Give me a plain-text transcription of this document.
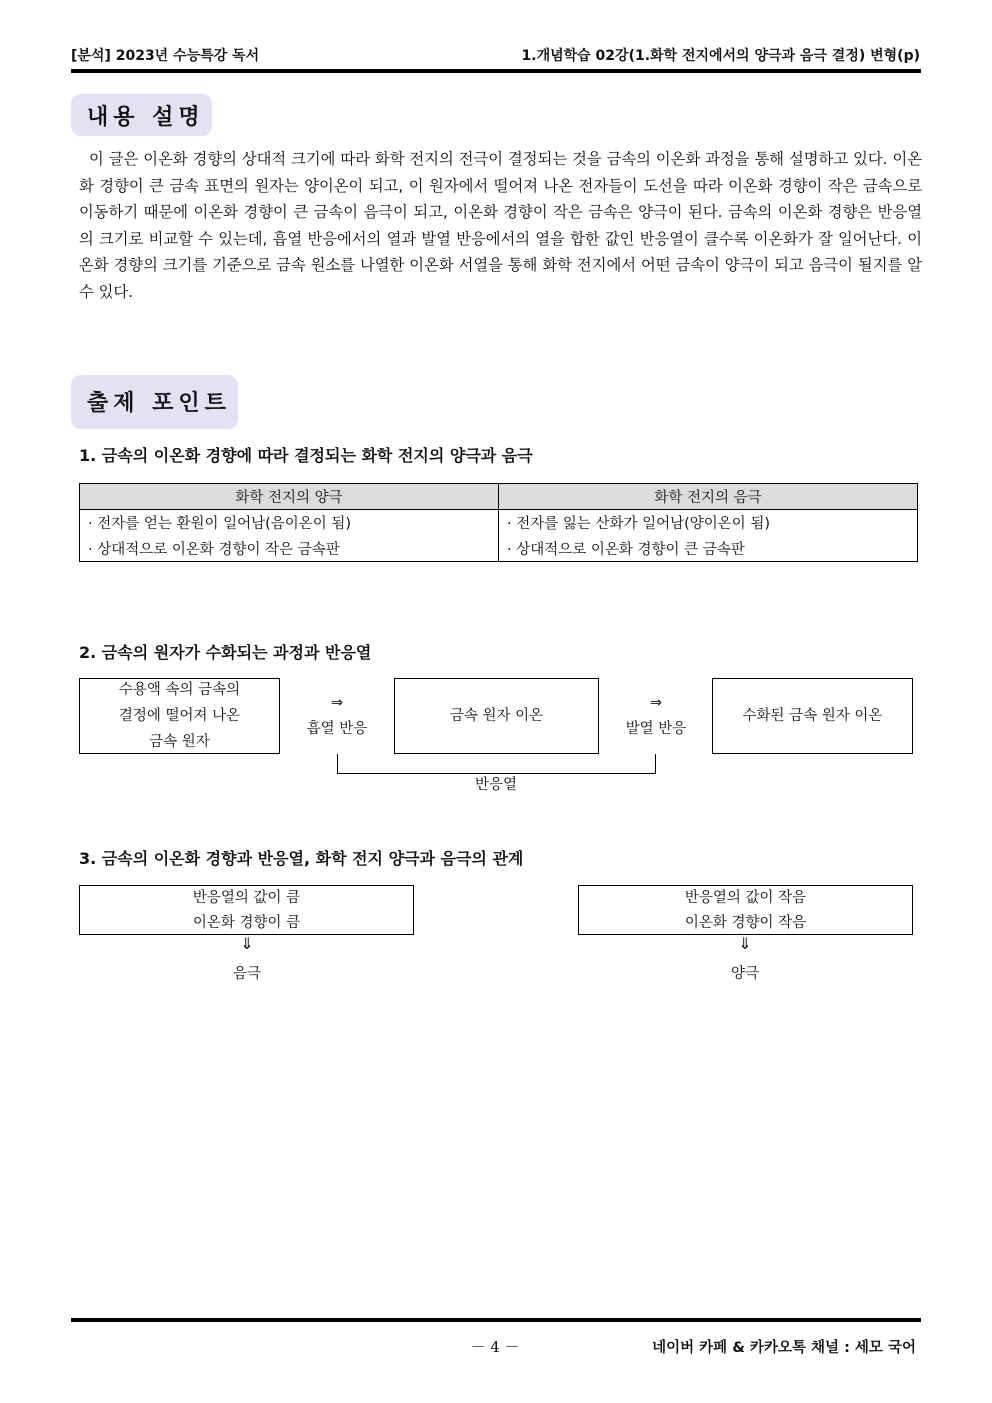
[분석] 2023년 수능특강 독서	1.개념학습 02강(1.화학 전지에서의 양극과 음극 결정) 변형(p)
내용 설명
이 글은 이온화 경향의 상대적 크기에 따라 화학 전지의 전극이 결정되는 것을 금속의 이온화 과정을 통해 설명하고 있다. 이온화 경향이 큰 금속 표면의 원자는 양이온이 되고, 이 원자에서 떨어져 나온 전자들이 도선을 따라 이온화 경향이 작은 금속으로 이동하기 때문에 이온화 경향이 큰 금속이 음극이 되고, 이온화 경향이 작은 금속은 양극이 된다. 금속의 이온화 경향은 반응열의 크기로 비교할 수 있는데, 흡열 반응에서의 열과 발열 반응에서의 열을 합한 값인 반응열이 클수록 이온화가 잘 일어난다. 이온화 경향의 크기를 기준으로 금속 원소를 나열한 이온화 서열을 통해 화학 전지에서 어떤 금속이 양극이 되고 음극이 될지를 알 수 있다.
출제 포인트
1. 금속의 이온화 경향에 따라 결정되는 화학 전지의 양극과 음극
화학 전지의 양극	화학 전지의 음극
· 전자를 얻는 환원이 일어남(음이온이 됨)	· 전자를 잃는 산화가 일어남(양이온이 됨)
· 상대적으로 이온화 경향이 작은 금속판	· 상대적으로 이온화 경향이 큰 금속판
2. 금속의 원자가 수화되는 과정과 반응열
수용액 속의 금속의
결정에 떨어져 나온
금속 원자
⇒
흡열 반응
금속 원자 이온
⇒
발열 반응
수화된 금속 원자 이온
반응열
3. 금속의 이온화 경향과 반응열, 화학 전지 양극과 음극의 관계
반응열의 값이 큼
이온화 경향이 큼
⇓
음극
반응열의 값이 작음
이온화 경향이 작음
⇓
양극
－ 4 －	네이버 카페 & 카카오톡 채널 : 세모 국어
